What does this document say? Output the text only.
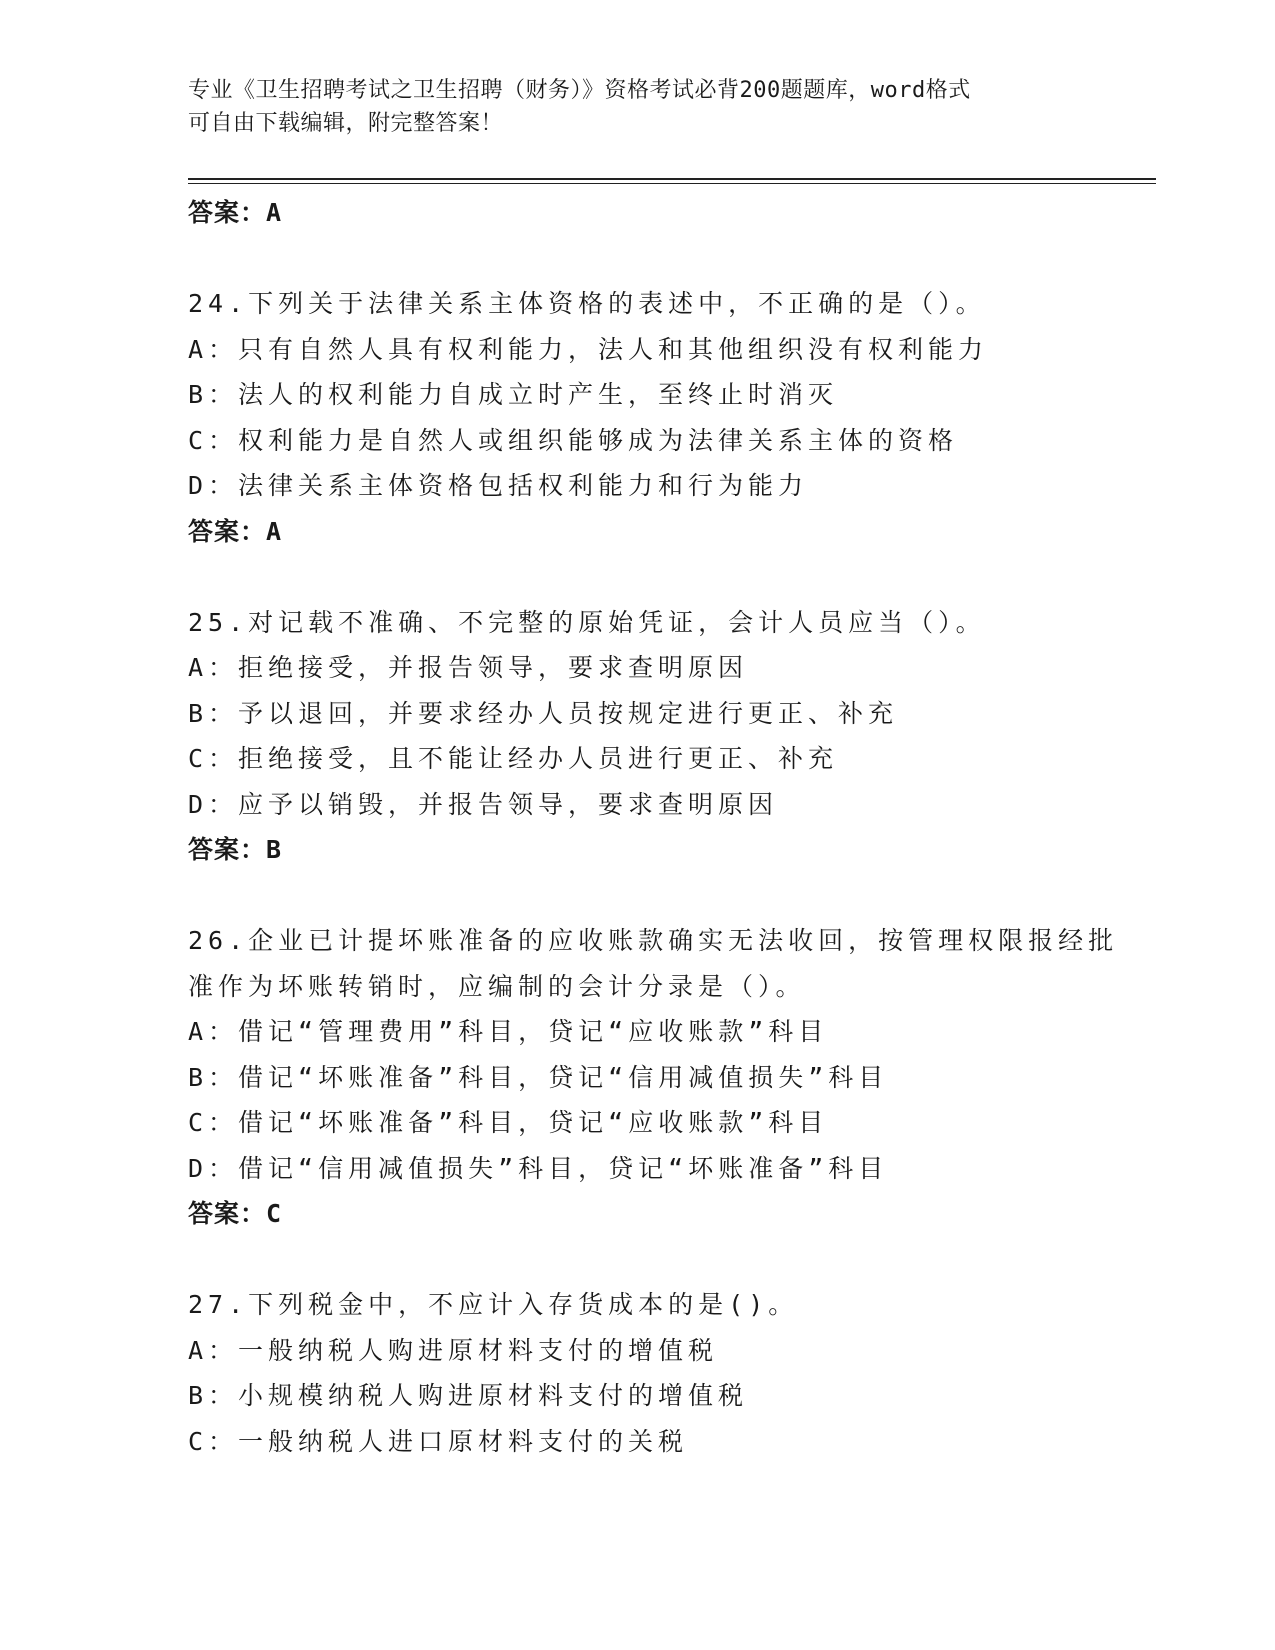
专业《卫生招聘考试之卫生招聘（财务）》资格考试必背200题题库，word格式
可自由下载编辑，附完整答案！
答案：A
24.下列关于法律关系主体资格的表述中，不正确的是（）。
A：只有自然人具有权利能力，法人和其他组织没有权利能力
B：法人的权利能力自成立时产生，至终止时消灭
C：权利能力是自然人或组织能够成为法律关系主体的资格
D：法律关系主体资格包括权利能力和行为能力
答案：A
25.对记载不准确、不完整的原始凭证，会计人员应当（）。
A：拒绝接受，并报告领导，要求查明原因
B：予以退回，并要求经办人员按规定进行更正、补充
C：拒绝接受，且不能让经办人员进行更正、补充
D：应予以销毁，并报告领导，要求查明原因
答案：B
26.企业已计提坏账准备的应收账款确实无法收回，按管理权限报经批
准作为坏账转销时，应编制的会计分录是（）。
A：借记“管理费用”科目，贷记“应收账款”科目
B：借记“坏账准备”科目，贷记“信用减值损失”科目
C：借记“坏账准备”科目，贷记“应收账款”科目
D：借记“信用减值损失”科目，贷记“坏账准备”科目
答案：C
27.下列税金中，不应计入存货成本的是()。
A：一般纳税人购进原材料支付的增值税
B：小规模纳税人购进原材料支付的增值税
C：一般纳税人进口原材料支付的关税
